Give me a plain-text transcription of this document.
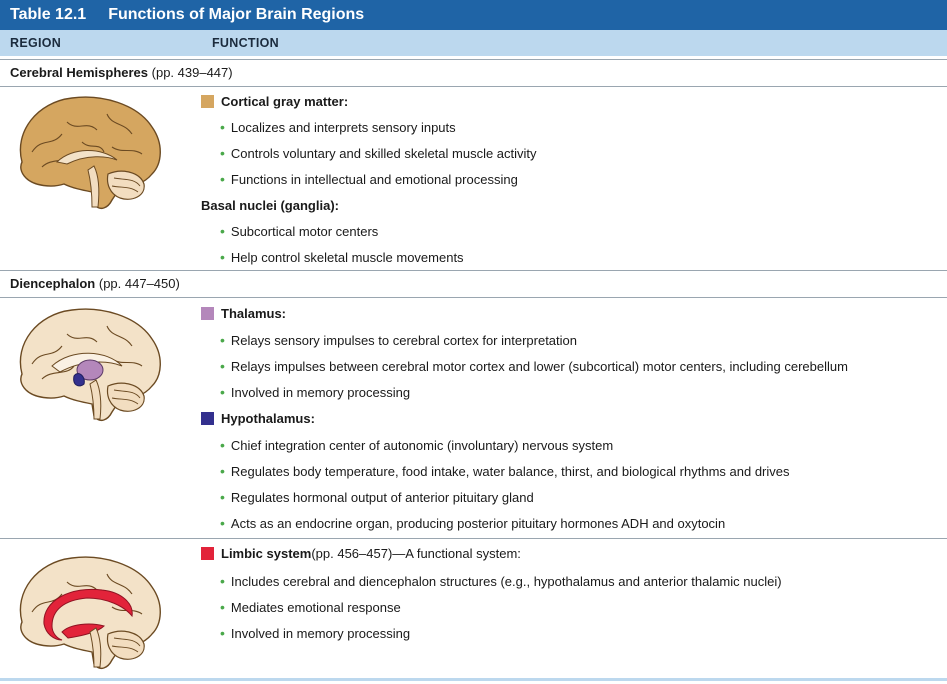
Table 12.1 Functions of Major Brain Regions
REGION	FUNCTION
Cerebral Hemispheres (pp. 439–447)
Cortical gray matter:
• Localizes and interprets sensory inputs
• Controls voluntary and skilled skeletal muscle activity
• Functions in intellectual and emotional processing
Basal nuclei (ganglia):
• Subcortical motor centers
• Help control skeletal muscle movements
Diencephalon (pp. 447–450)
Thalamus:
• Relays sensory impulses to cerebral cortex for interpretation
• Relays impulses between cerebral motor cortex and lower (subcortical) motor centers, including cerebellum
• Involved in memory processing
Hypothalamus:
• Chief integration center of autonomic (involuntary) nervous system
• Regulates body temperature, food intake, water balance, thirst, and biological rhythms and drives
• Regulates hormonal output of anterior pituitary gland
• Acts as an endocrine organ, producing posterior pituitary hormones ADH and oxytocin
Limbic system (pp. 456–457)—A functional system:
• Includes cerebral and diencephalon structures (e.g., hypothalamus and anterior thalamic nuclei)
• Mediates emotional response
• Involved in memory processing
